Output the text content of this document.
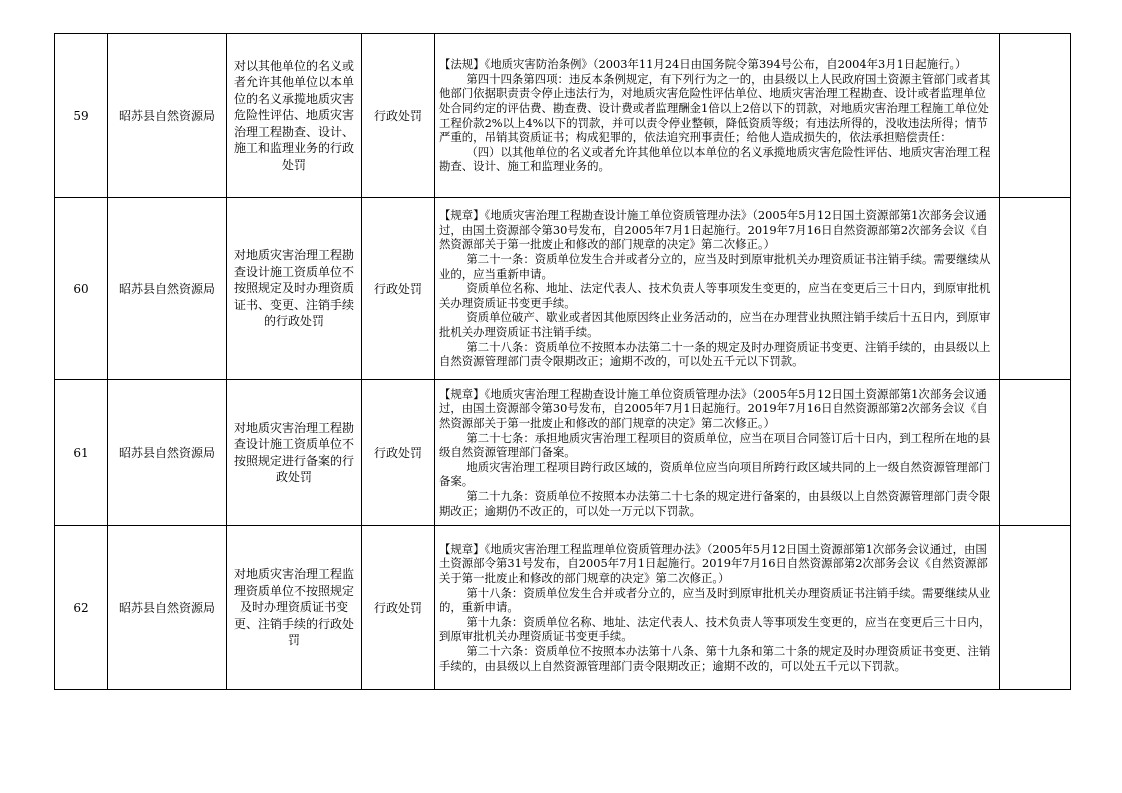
59	昭苏县自然资源局	对以其他单位的名义或者允许其他单位以本单位的名义承揽地质灾害危险性评估、地质灾害治理工程勘查、设计、施工和监理业务的行政处罚	行政处罚	【法规】《地质灾害防治条例》（2003年11月24日由国务院令第394号公布，自2004年3月1日起施行。）

第四十四条第四项：违反本条例规定，有下列行为之一的，由县级以上人民政府国土资源主管部门或者其他部门依据职责责令停止违法行为，对地质灾害危险性评估单位、地质灾害治理工程勘查、设计或者监理单位处合同约定的评估费、勘查费、设计费或者监理酬金1倍以上2倍以下的罚款，对地质灾害治理工程施工单位处工程价款2%以上4%以下的罚款，并可以责令停业整顿，降低资质等级；有违法所得的，没收违法所得；情节严重的，吊销其资质证书；构成犯罪的，依法追究刑事责任；给他人造成损失的，依法承担赔偿责任：

（四）以其他单位的名义或者允许其他单位以本单位的名义承揽地质灾害危险性评估、地质灾害治理工程勘查、设计、施工和监理业务的。	

60	昭苏县自然资源局	对地质灾害治理工程勘查设计施工资质单位不按照规定及时办理资质证书、变更、注销手续的行政处罚	行政处罚	【规章】《地质灾害治理工程勘查设计施工单位资质管理办法》（2005年5月12日国土资源部第1次部务会议通过，由国土资源部令第30号发布，自2005年7月1日起施行。2019年7月16日自然资源部第2次部务会议《自然资源部关于第一批废止和修改的部门规章的决定》第二次修正。）

第二十一条：资质单位发生合并或者分立的，应当及时到原审批机关办理资质证书注销手续。需要继续从业的，应当重新申请。

资质单位名称、地址、法定代表人、技术负责人等事项发生变更的，应当在变更后三十日内，到原审批机关办理资质证书变更手续。

资质单位破产、歇业或者因其他原因终止业务活动的，应当在办理营业执照注销手续后十五日内，到原审批机关办理资质证书注销手续。

第二十八条：资质单位不按照本办法第二十一条的规定及时办理资质证书变更、注销手续的，由县级以上自然资源管理部门责令限期改正；逾期不改的，可以处五千元以下罚款。	

61	昭苏县自然资源局	对地质灾害治理工程勘查设计施工资质单位不按照规定进行备案的行政处罚	行政处罚	【规章】《地质灾害治理工程勘查设计施工单位资质管理办法》（2005年5月12日国土资源部第1次部务会议通过，由国土资源部令第30号发布，自2005年7月1日起施行。2019年7月16日自然资源部第2次部务会议《自然资源部关于第一批废止和修改的部门规章的决定》第二次修正。）

第二十七条：承担地质灾害治理工程项目的资质单位，应当在项目合同签订后十日内，到工程所在地的县级自然资源管理部门备案。

地质灾害治理工程项目跨行政区域的，资质单位应当向项目所跨行政区域共同的上一级自然资源管理部门备案。

第二十九条：资质单位不按照本办法第二十七条的规定进行备案的，由县级以上自然资源管理部门责令限期改正；逾期仍不改正的，可以处一万元以下罚款。	

62	昭苏县自然资源局	对地质灾害治理工程监理资质单位不按照规定及时办理资质证书变更、注销手续的行政处罚	行政处罚	【规章】《地质灾害治理工程监理单位资质管理办法》（2005年5月12日国土资源部第1次部务会议通过，由国土资源部令第31号发布，自2005年7月1日起施行。2019年7月16日自然资源部第2次部务会议《自然资源部关于第一批废止和修改的部门规章的决定》第二次修正。）

第十八条：资质单位发生合并或者分立的，应当及时到原审批机关办理资质证书注销手续。需要继续从业的，重新申请。

第十九条：资质单位名称、地址、法定代表人、技术负责人等事项发生变更的，应当在变更后三十日内，到原审批机关办理资质证书变更手续。

第二十六条：资质单位不按照本办法第十八条、第十九条和第二十条的规定及时办理资质证书变更、注销手续的，由县级以上自然资源管理部门责令限期改正；逾期不改的，可以处五千元以下罚款。	
